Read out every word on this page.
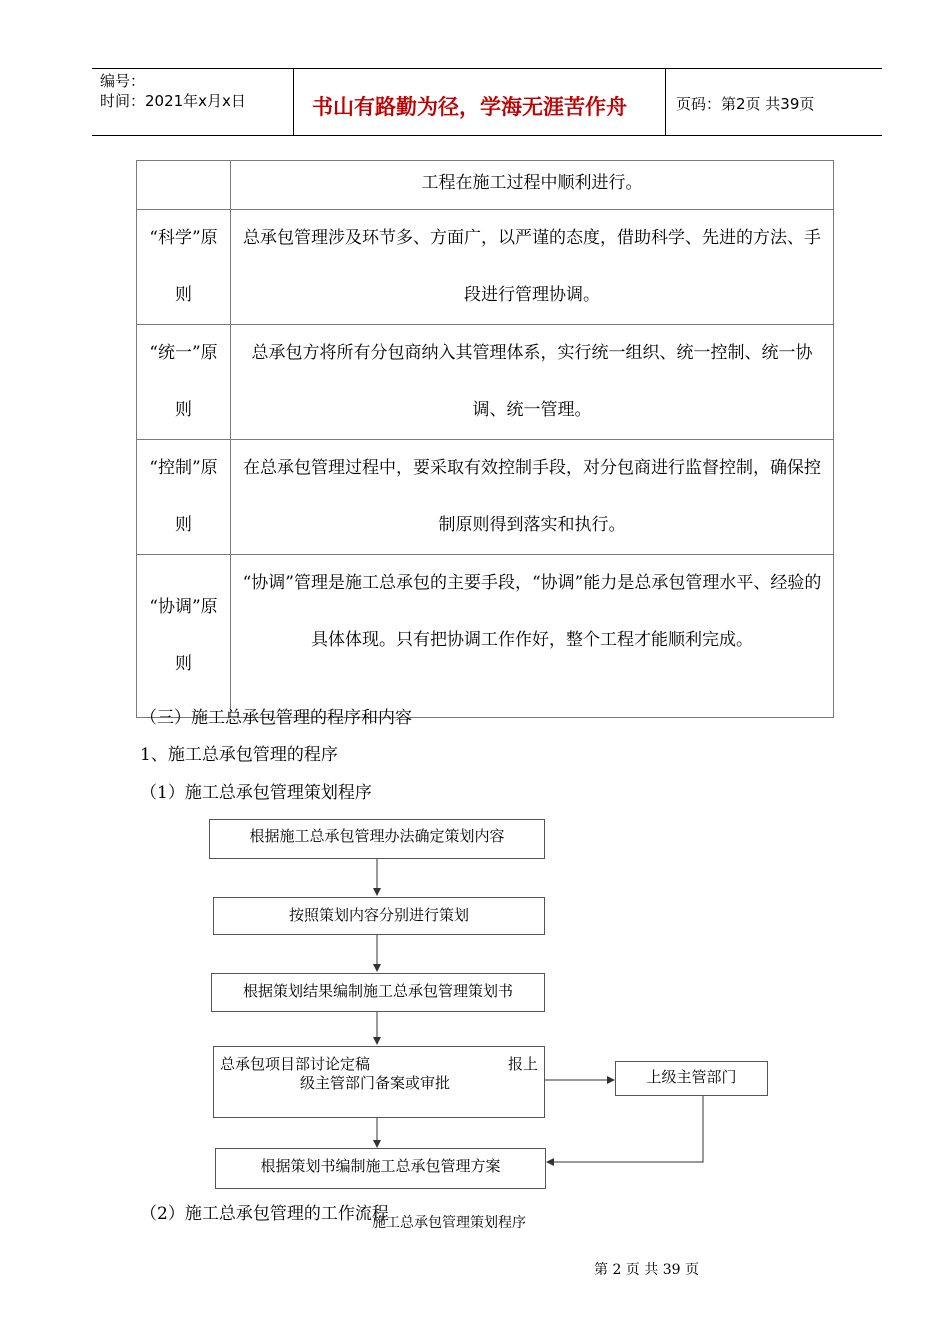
编号：
时间：2021年x月x日	书山有路勤为径，学海无涯苦作舟	页码：第2页 共39页

	工程在施工过程中顺利进行。

“科学”原则	总承包管理涉及环节多、方面广，以严谨的态度，借助科学、先进的方法、手段进行管理协调。

“统一”原则	总承包方将所有分包商纳入其管理体系，实行统一组织、统一控制、统一协调、统一管理。

“控制”原则	在总承包管理过程中，要采取有效控制手段，对分包商进行监督控制，确保控制原则得到落实和执行。

“协调”原则	“协调”管理是施工总承包的主要手段，“协调”能力是总承包管理水平、经验的具体体现。只有把协调工作作好，整个工程才能顺利完成。
（三）施工总承包管理的程序和内容
1、施工总承包管理的程序
（1）施工总承包管理策划程序
根据施工总承包管理办法确定策划内容
按照策划内容分别进行策划
根据策划结果编制施工总承包管理策划书
总承包项目部讨论定稿	报上
级主管部门备案或审批	上级主管部门
根据策划书编制施工总承包管理方案
（2）施工总承包管理的工作流程
施工总承包管理策划程序
第 2 页 共 39 页
